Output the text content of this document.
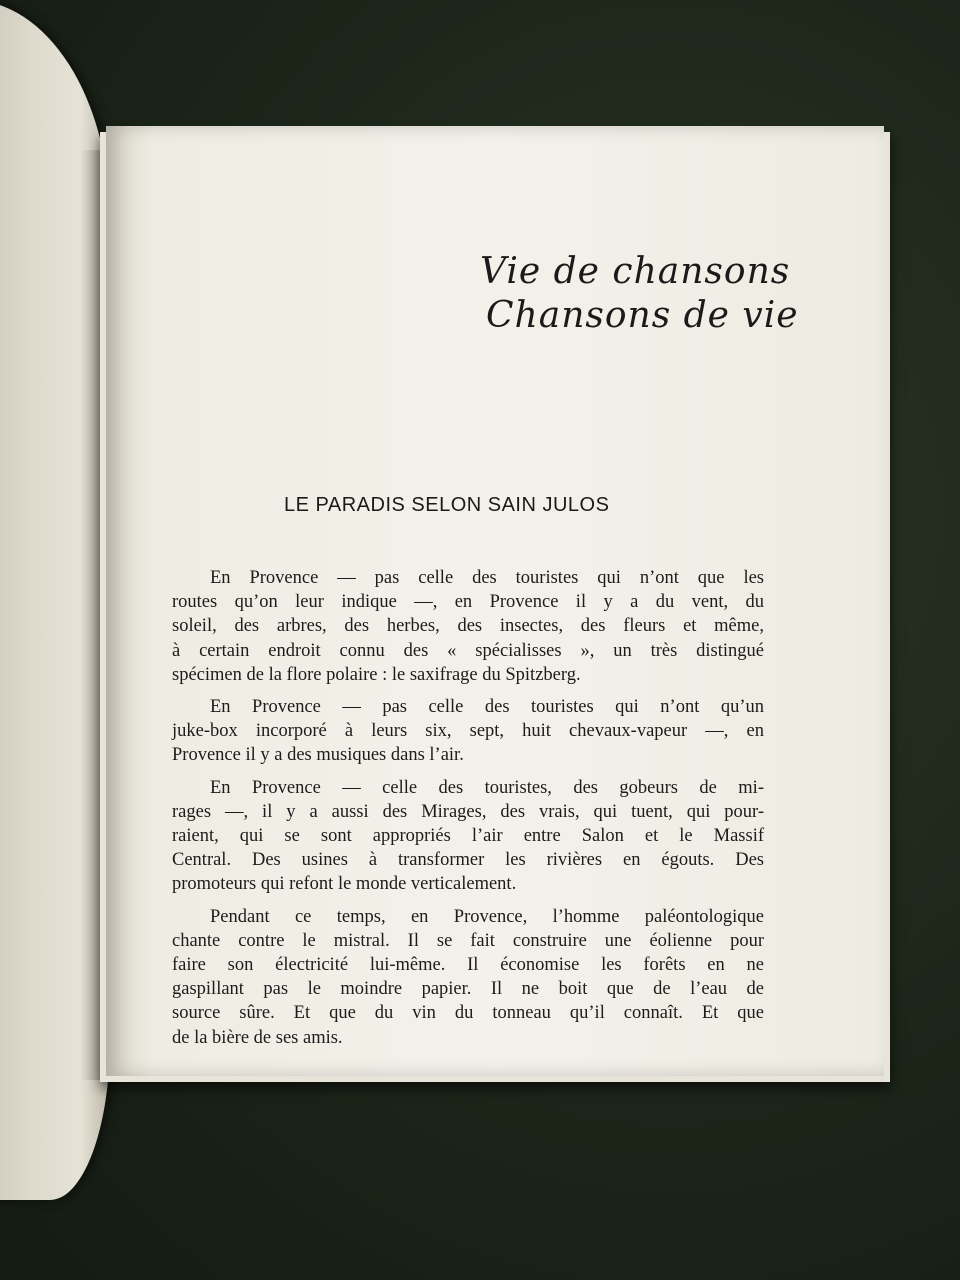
Vie de chansons
Chansons de vie
LE PARADIS SELON SAIN JULOS
En Provence — pas celle des touristes qui n’ont que les
routes qu’on leur indique —, en Provence il y a du vent, du
soleil, des arbres, des herbes, des insectes, des fleurs et même,
à certain endroit connu des « spécialisses », un très distingué
spécimen de la flore polaire : le saxifrage du Spitzberg.
En Provence — pas celle des touristes qui n’ont qu’un
juke-box incorporé à leurs six, sept, huit chevaux-vapeur —, en
Provence il y a des musiques dans l’air.
En Provence — celle des touristes, des gobeurs de mi-
rages —, il y a aussi des Mirages, des vrais, qui tuent, qui pour-
raient, qui se sont appropriés l’air entre Salon et le Massif
Central. Des usines à transformer les rivières en égouts. Des
promoteurs qui refont le monde verticalement.
Pendant ce temps, en Provence, l’homme paléontologique
chante contre le mistral. Il se fait construire une éolienne pour
faire son électricité lui-même. Il économise les forêts en ne
gaspillant pas le moindre papier. Il ne boit que de l’eau de
source sûre. Et que du vin du tonneau qu’il connaît. Et que
de la bière de ses amis.
